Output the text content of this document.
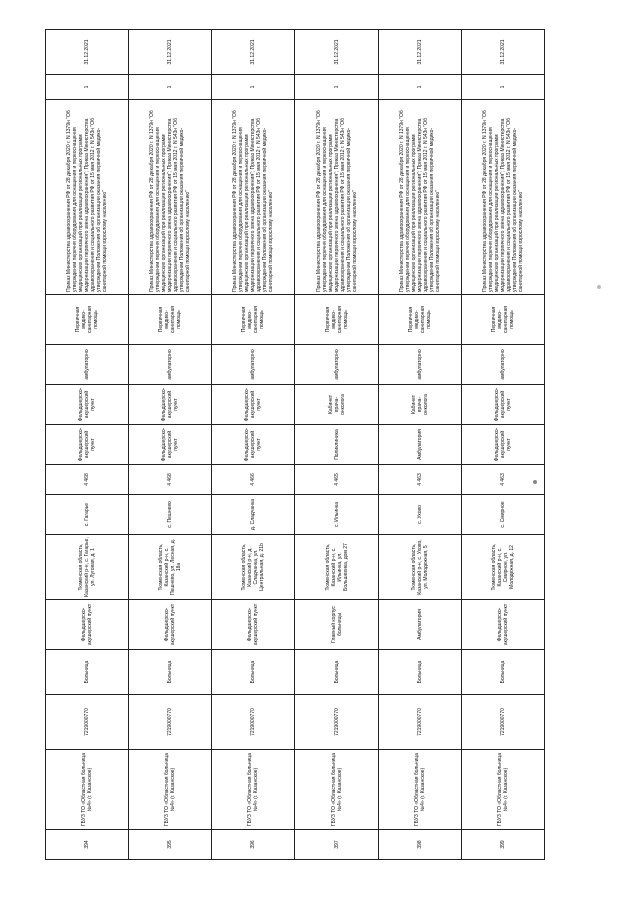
394	ГБУЗ ТО «Областная больница №4» (г. Казанское)	7219000770	Больница	Фельдшерско-акушерский пункт	Тюменская область, Казанский р-н, с. Гагарье, ул. Луговая, д. 1	с. Гагарье	4 468	Фельдшерско-акушерский пункт	Фельдшерско-акушерский пункт	амбулаторно	Первичная медико-санитарная помощь	Приказ Министерства здравоохранения РФ от 28 декабря 2020 г. N 1379н "Об утверждении перечня оборудования для оснащения и переоснащения медицинских организаций при реализации региональных программ модернизации первичного звена здравоохранения"; Приказ Министерства здравоохранения и социального развития РФ от 15 мая 2012 г. N 543н "Об утверждении Положения об организации оказания первичной медико-санитарной помощи взрослому населению"	1	31.12.2021
395	ГБУЗ ТО «Областная больница №4» (г. Казанское)	7219000770	Больница	Фельдшерско-акушерский пункт	Тюменская область, Казанский р-н, с. Пешнево, ул. Лесная, д. 18а	с. Пешнево	4 468	Фельдшерско-акушерский пункт	Фельдшерско-акушерский пункт	амбулаторно	Первичная медико-санитарная помощь	Приказ Министерства здравоохранения РФ от 28 декабря 2020 г. N 1379н "Об утверждении перечня оборудования для оснащения и переоснащения медицинских организаций при реализации региональных программ модернизации первичного звена здравоохранения"; Приказ Министерства здравоохранения и социального развития РФ от 15 мая 2012 г. N 543н "Об утверждении Положения об организации оказания первичной медико-санитарной помощи взрослому населению"	1	31.12.2021
396	ГБУЗ ТО «Областная больница №4» (г. Казанское)	7219000770	Больница	Фельдшерско-акушерский пункт	Тюменская область, Казанский р-н, д. Сладчанка, ул. Центральная, д. 21b	д. Сладчанка	4 466	Фельдшерско-акушерский пункт	Фельдшерско-акушерский пункт	амбулаторно	Первичная медико-санитарная помощь	Приказ Министерства здравоохранения РФ от 28 декабря 2020 г. N 1379н "Об утверждении перечня оборудования для оснащения и переоснащения медицинских организаций при реализации региональных программ модернизации первичного звена здравоохранения"; Приказ Министерства здравоохранения и социального развития РФ от 15 мая 2012 г. N 543н "Об утверждении Положения об организации оказания первичной медико-санитарной помощи взрослому населению"	1	31.12.2021
397	ГБУЗ ТО «Областная больница №4» (г. Казанское)	7219000770	Больница	Главный корпус больницы	Тюменская область, Казанский р-н, с. Ильинка, ул. Большевика, дом 27	с. Ильинка	4 465	Поликлиника	Кабинет врача-онколога	амбулаторно	Первичная медико-санитарная помощь	Приказ Министерства здравоохранения РФ от 28 декабря 2020 г. N 1379н "Об утверждении перечня оборудования для оснащения и переоснащения медицинских организаций при реализации региональных программ модернизации первичного звена здравоохранения"; Приказ Министерства здравоохранения и социального развития РФ от 15 мая 2012 г. N 543н "Об утверждении Положения об организации оказания первичной медико-санитарной помощи взрослому населению"	1	31.12.2021
398	ГБУЗ ТО «Областная больница №4» (г. Казанское)	7219000770	Больница	Амбулатория	Тюменская область, Казанский р-н, с. Ухово, ул. Молодежная, 5	с. Ухово	4 463	Амбулатория	Кабинет врача-онколога	амбулаторно	Первичная медико-санитарная помощь	Приказ Министерства здравоохранения РФ от 28 декабря 2020 г. N 1379н "Об утверждении перечня оборудования для оснащения и переоснащения медицинских организаций при реализации региональных программ модернизации первичного звена здравоохранения"; Приказ Министерства здравоохранения и социального развития РФ от 15 мая 2012 г. N 543н "Об утверждении Положения об организации оказания первичной медико-санитарной помощи взрослому населению"	1	31.12.2021
399	ГБУЗ ТО «Областная больница №4» (г. Казанское)	7219000770	Больница	Фельдшерско-акушерский пункт	Тюменская область, Казанский р-н, с. Смирное, ул. Молодежная, д. 12	с. Смирное	4 463	Фельдшерско-акушерский пункт	Фельдшерско-акушерский пункт	амбулаторно	Первичная медико-санитарная помощь	Приказ Министерства здравоохранения РФ от 28 декабря 2020 г. N 1379н "Об утверждении перечня оборудования для оснащения и переоснащения медицинских организаций при реализации региональных программ модернизации первичного звена здравоохранения"; Приказ Министерства здравоохранения и социального развития РФ от 15 мая 2012 г. N 543н "Об утверждении Положения об организации оказания первичной медико-санитарной помощи взрослому населению"	1	31.12.2021
